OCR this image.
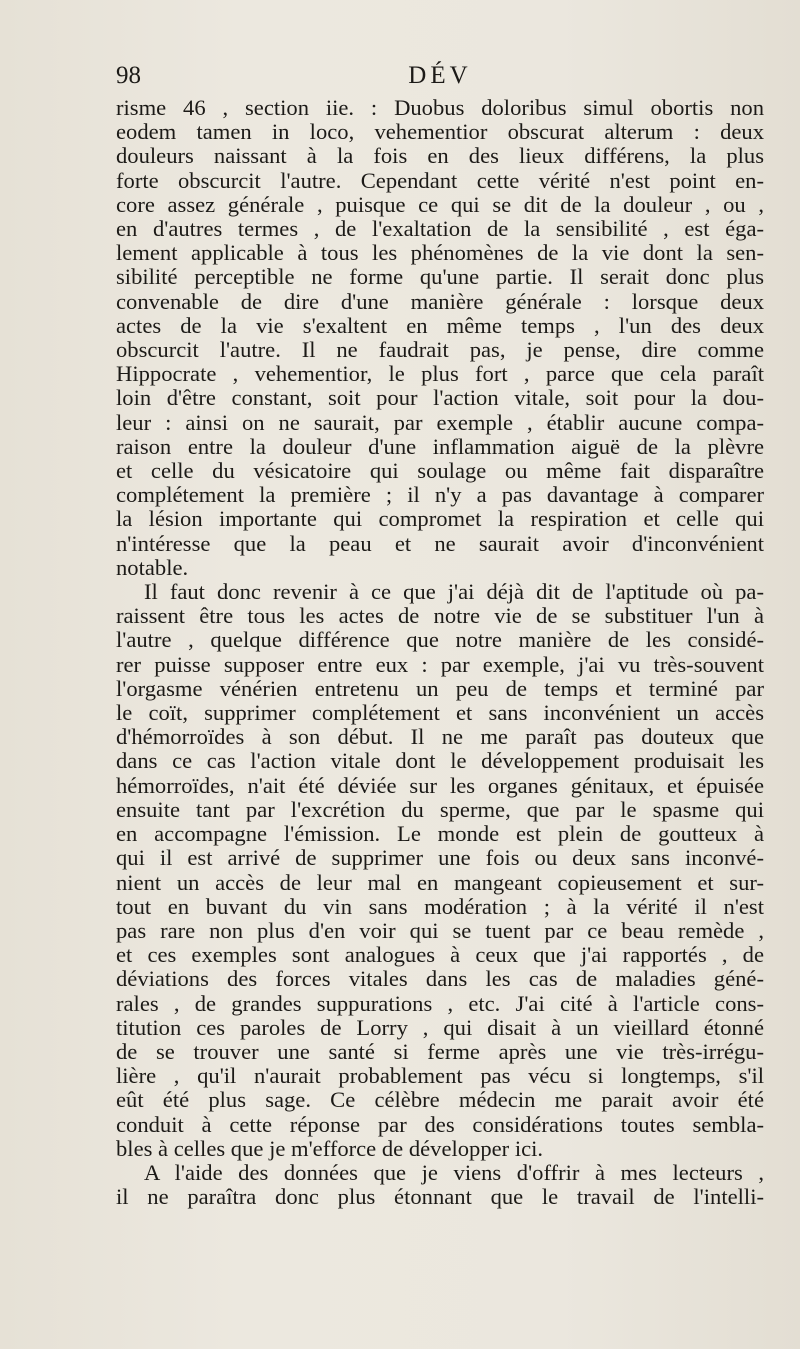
98	DÉV
risme 46 , section iie. : Duobus doloribus simul obortis non
eodem tamen in loco, vehementior obscurat alterum : deux
douleurs naissant à la fois en des lieux différens, la plus
forte obscurcit l'autre. Cependant cette vérité n'est point en-
core assez générale , puisque ce qui se dit de la douleur , ou ,
en d'autres termes , de l'exaltation de la sensibilité , est éga-
lement applicable à tous les phénomènes de la vie dont la sen-
sibilité perceptible ne forme qu'une partie. Il serait donc plus
convenable de dire d'une manière générale : lorsque deux
actes de la vie s'exaltent en même temps , l'un des deux
obscurcit l'autre. Il ne faudrait pas, je pense, dire comme
Hippocrate , vehementior, le plus fort , parce que cela paraît
loin d'être constant, soit pour l'action vitale, soit pour la dou-
leur : ainsi on ne saurait, par exemple , établir aucune compa-
raison entre la douleur d'une inflammation aiguë de la plèvre
et celle du vésicatoire qui soulage ou même fait disparaître
complétement la première ; il n'y a pas davantage à comparer
la lésion importante qui compromet la respiration et celle qui
n'intéresse que la peau et ne saurait avoir d'inconvénient
notable.
Il faut donc revenir à ce que j'ai déjà dit de l'aptitude où pa-
raissent être tous les actes de notre vie de se substituer l'un à
l'autre , quelque différence que notre manière de les considé-
rer puisse supposer entre eux : par exemple, j'ai vu très-souvent
l'orgasme vénérien entretenu un peu de temps et terminé par
le coït, supprimer complétement et sans inconvénient un accès
d'hémorroïdes à son début. Il ne me paraît pas douteux que
dans ce cas l'action vitale dont le développement produisait les
hémorroïdes, n'ait été déviée sur les organes génitaux, et épuisée
ensuite tant par l'excrétion du sperme, que par le spasme qui
en accompagne l'émission. Le monde est plein de goutteux à
qui il est arrivé de supprimer une fois ou deux sans inconvé-
nient un accès de leur mal en mangeant copieusement et sur-
tout en buvant du vin sans modération ; à la vérité il n'est
pas rare non plus d'en voir qui se tuent par ce beau remède ,
et ces exemples sont analogues à ceux que j'ai rapportés , de
déviations des forces vitales dans les cas de maladies géné-
rales , de grandes suppurations , etc. J'ai cité à l'article cons-
titution ces paroles de Lorry , qui disait à un vieillard étonné
de se trouver une santé si ferme après une vie très-irrégu-
lière , qu'il n'aurait probablement pas vécu si longtemps, s'il
eût été plus sage. Ce célèbre médecin me parait avoir été
conduit à cette réponse par des considérations toutes sembla-
bles à celles que je m'efforce de développer ici.
A l'aide des données que je viens d'offrir à mes lecteurs ,
il ne paraîtra donc plus étonnant que le travail de l'intelli-
